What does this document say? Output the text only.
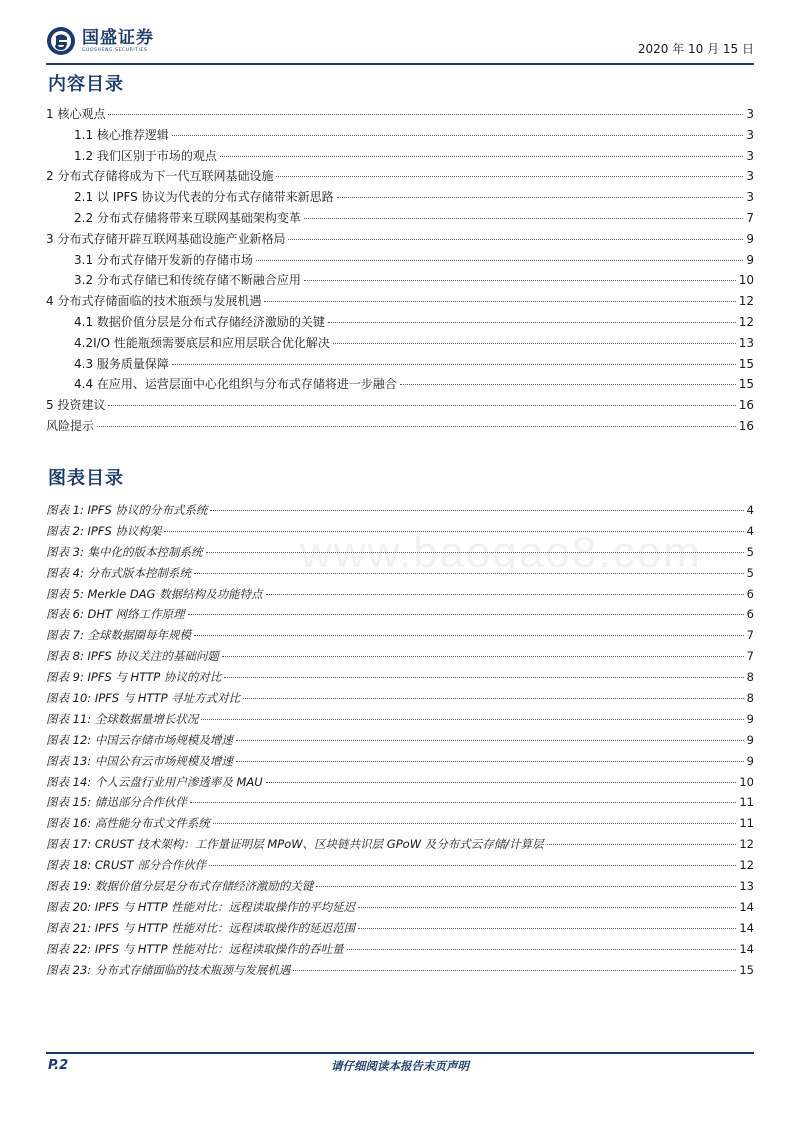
国盛证券
GUOSHENG SECURITIES	2020 年 10 月 15 日
内容目录
1 核心观点	3
1.1 核心推荐逻辑	3
1.2 我们区别于市场的观点	3
2 分布式存储将成为下一代互联网基础设施	3
2.1 以 IPFS 协议为代表的分布式存储带来新思路	3
2.2 分布式存储将带来互联网基础架构变革	7
3 分布式存储开辟互联网基础设施产业新格局	9
3.1 分布式存储开发新的存储市场	9
3.2 分布式存储已和传统存储不断融合应用	10
4 分布式存储面临的技术瓶颈与发展机遇	12
4.1 数据价值分层是分布式存储经济激励的关键	12
4.2I/O 性能瓶颈需要底层和应用层联合优化解决	13
4.3 服务质量保障	15
4.4 在应用、运营层面中心化组织与分布式存储将进一步融合	15
5 投资建议	16
风险提示	16
图表目录
图表 1: IPFS 协议的分布式系统	4
图表 2: IPFS 协议构架	4
图表 3: 集中化的版本控制系统	5
图表 4: 分布式版本控制系统	5
图表 5: Merkle DAG 数据结构及功能特点	6
图表 6: DHT 网络工作原理	6
图表 7: 全球数据圈每年规模	7
图表 8: IPFS 协议关注的基础问题	7
图表 9: IPFS 与 HTTP 协议的对比	8
图表 10: IPFS 与 HTTP 寻址方式对比	8
图表 11: 全球数据量增长状况	9
图表 12: 中国云存储市场规模及增速	9
图表 13: 中国公有云市场规模及增速	9
图表 14: 个人云盘行业用户渗透率及 MAU	10
图表 15: 储迅部分合作伙伴	11
图表 16: 高性能分布式文件系统	11
图表 17: CRUST 技术架构：工作量证明层 MPoW、区块链共识层 GPoW 及分布式云存储/计算层	12
图表 18: CRUST 部分合作伙伴	12
图表 19: 数据价值分层是分布式存储经济激励的关键	13
图表 20: IPFS 与 HTTP 性能对比：远程读取操作的平均延迟	14
图表 21: IPFS 与 HTTP 性能对比：远程读取操作的延迟范围	14
图表 22: IPFS 与 HTTP 性能对比：远程读取操作的吞吐量	14
图表 23: 分布式存储面临的技术瓶颈与发展机遇	15
www.baogao8.com
请仔细阅读本报告末页声明
P.2
